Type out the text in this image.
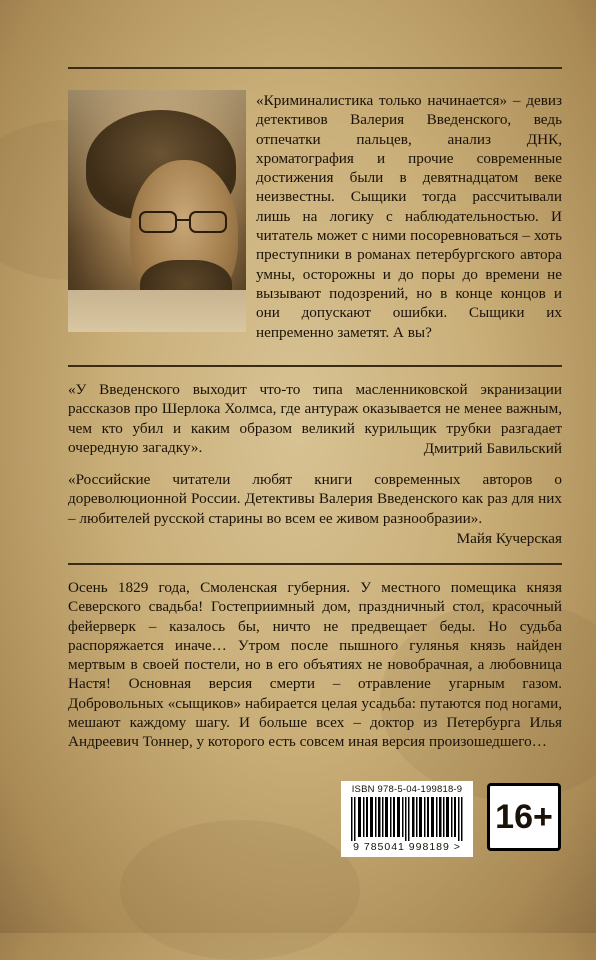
«Криминалистика только начинается» – девиз детективов Валерия Введенского, ведь отпечатки пальцев, анализ ДНК, хроматография и прочие современные достижения были в девятнадцатом веке неизвестны. Сыщики тогда рассчитывали лишь на логику с наблюдательностью. И читатель может с ними посоревноваться – хоть преступники в романах петербургского автора умны, осторожны и до поры до времени не вызывают подозрений, но в конце концов и они допускают ошибки. Сыщики их непременно заметят. А вы?

«У Введенского выходит что-то типа масленниковской экранизации рассказов про Шерлока Холмса, где антураж оказывается не менее важным, чем кто убил и каким образом великий курильщик трубки разгадает очередную загадку».	Дмитрий Бавильский

«Российские читатели любят книги современных авторов о дореволюционной России. Детективы Валерия Введенского как раз для них – любителей русской старины во всем ее живом разнообразии».

Майя Кучерская

Осень 1829 года, Смоленская губерния. У местного помещика князя Северского свадьба! Гостеприимный дом, праздничный стол, красочный фейерверк – казалось бы, ничто не предвещает беды. Но судьба распоряжается иначе… Утром после пышного гулянья князь найден мертвым в своей постели, но в его объятиях не новобрачная, а любовница Настя! Основная версия смерти – отравление угарным газом. Добровольных «сыщиков» набирается целая усадьба: путаются под ногами, мешают каждому шагу. И больше всех – доктор из Петербурга Илья Андреевич Тоннер, у которого есть совсем иная версия произошедшего…

ISBN 978-5-04-199818-9
9 785041 998189 >
16+
